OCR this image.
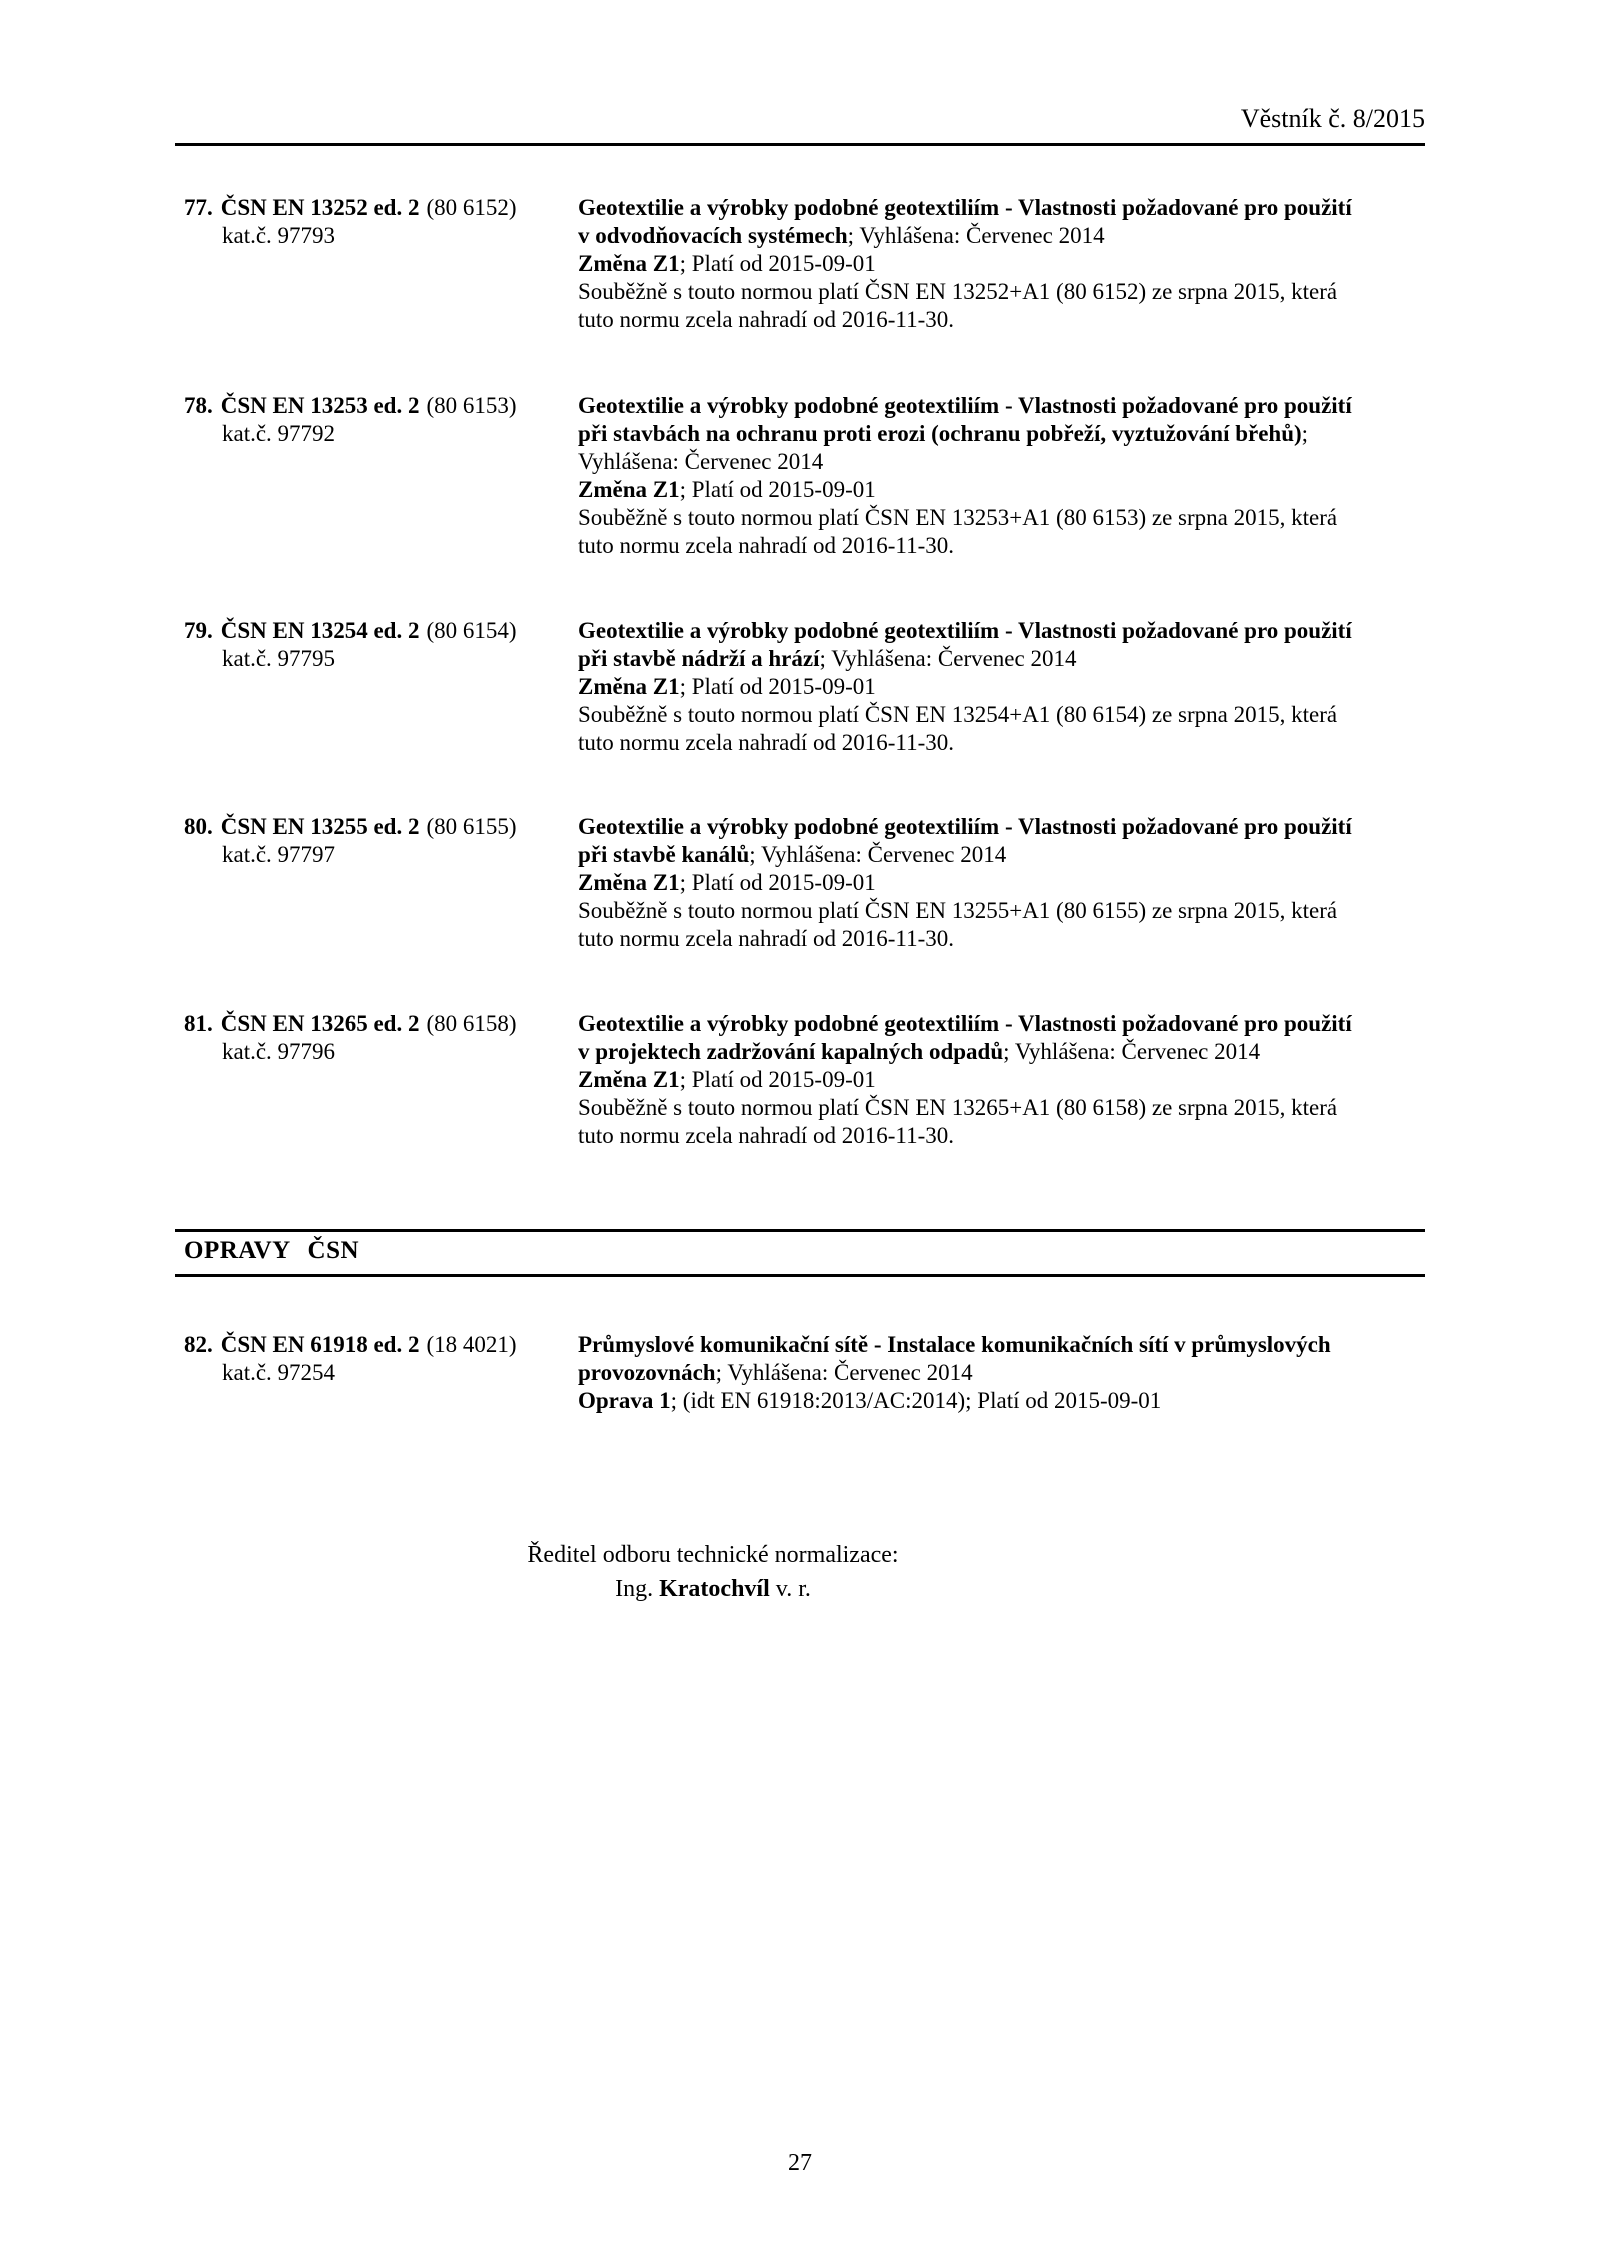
Věstník č. 8/2015
77. ČSN EN 13252 ed. 2 (80 6152)
kat.č. 97793
Geotextilie a výrobky podobné geotextiliím - Vlastnosti požadované pro použití
v odvodňovacích systémech; Vyhlášena: Červenec 2014
Změna Z1; Platí od 2015-09-01
Souběžně s touto normou platí ČSN EN 13252+A1 (80 6152) ze srpna 2015, která
tuto normu zcela nahradí od 2016-11-30.
78. ČSN EN 13253 ed. 2 (80 6153)
kat.č. 97792
Geotextilie a výrobky podobné geotextiliím - Vlastnosti požadované pro použití
při stavbách na ochranu proti erozi (ochranu pobřeží, vyztužování břehů);
Vyhlášena: Červenec 2014
Změna Z1; Platí od 2015-09-01
Souběžně s touto normou platí ČSN EN 13253+A1 (80 6153) ze srpna 2015, která
tuto normu zcela nahradí od 2016-11-30.
79. ČSN EN 13254 ed. 2 (80 6154)
kat.č. 97795
Geotextilie a výrobky podobné geotextiliím - Vlastnosti požadované pro použití
při stavbě nádrží a hrází; Vyhlášena: Červenec 2014
Změna Z1; Platí od 2015-09-01
Souběžně s touto normou platí ČSN EN 13254+A1 (80 6154) ze srpna 2015, která
tuto normu zcela nahradí od 2016-11-30.
80. ČSN EN 13255 ed. 2 (80 6155)
kat.č. 97797
Geotextilie a výrobky podobné geotextiliím - Vlastnosti požadované pro použití
při stavbě kanálů; Vyhlášena: Červenec 2014
Změna Z1; Platí od 2015-09-01
Souběžně s touto normou platí ČSN EN 13255+A1 (80 6155) ze srpna 2015, která
tuto normu zcela nahradí od 2016-11-30.
81. ČSN EN 13265 ed. 2 (80 6158)
kat.č. 97796
Geotextilie a výrobky podobné geotextiliím - Vlastnosti požadované pro použití
v projektech zadržování kapalných odpadů; Vyhlášena: Červenec 2014
Změna Z1; Platí od 2015-09-01
Souběžně s touto normou platí ČSN EN 13265+A1 (80 6158) ze srpna 2015, která
tuto normu zcela nahradí od 2016-11-30.
OPRAVY ČSN
82. ČSN EN 61918 ed. 2 (18 4021)
kat.č. 97254
Průmyslové komunikační sítě - Instalace komunikačních sítí v průmyslových
provozovnách; Vyhlášena: Červenec 2014
Oprava 1; (idt EN 61918:2013/AC:2014); Platí od 2015-09-01
Ředitel odboru technické normalizace:
Ing. Kratochvíl v. r.
27
